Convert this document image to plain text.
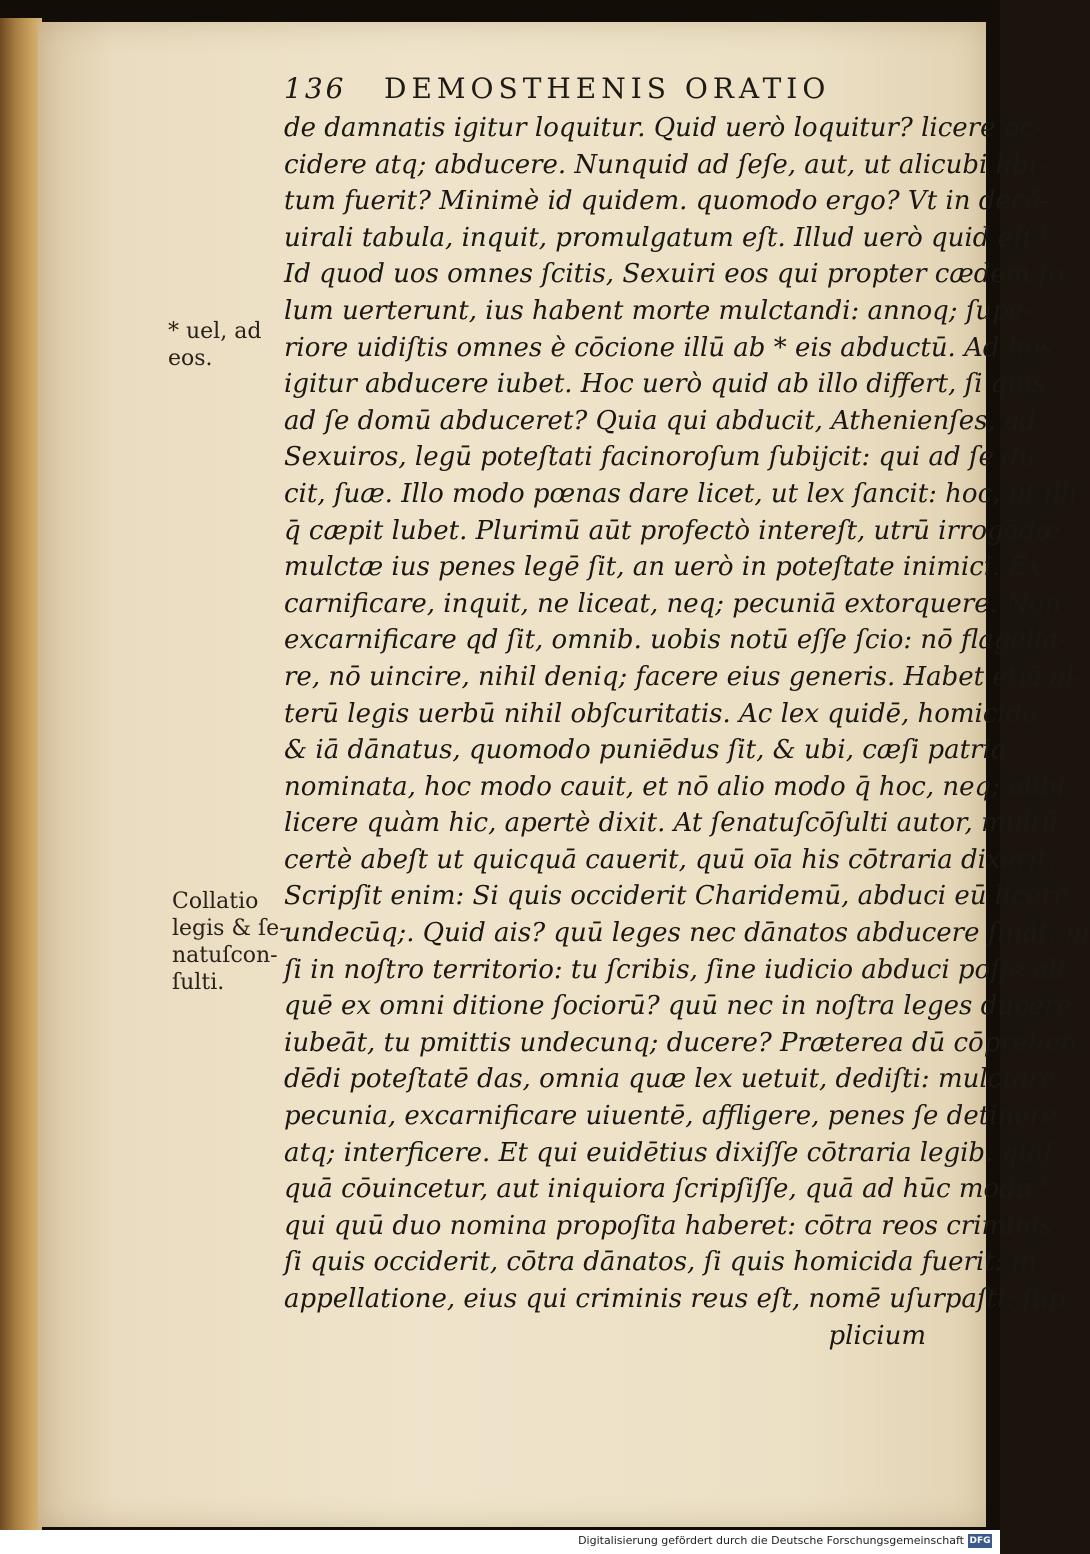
136 DEMOSTHENIS ORATIO
* uel, ad
eos.
Collatio
legis & ſe-
natuſcon-
ſulti.
de damnatis igitur loquitur. Quid uerò loquitur? licere oc-
cidere atq; abducere. Nunquid ad ſeſe, aut, ut alicubi libi-
tum fuerit? Minimè id quidem. quomodo ergo? Vt in decē-
uirali tabula, inquit, promulgatum eſt. Illud uerò quid eſt?
Id quod uos omnes ſcitis, Sexuiri eos qui propter cædem ſo
lum uerterunt, ius habent morte mulctandi: annoq; ſupe-
riore uidiſtis omnes è cōcione illū ab * eis abductū. Ad hos
igitur abducere iubet. Hoc uerò quid ab illo differt, ſi quis
ad ſe domū abduceret? Quia qui abducit, Athenienſes, ad
Sexuiros, legū poteſtati facinoroſum ſubijcit: qui ad ſe du-
cit, ſuæ. Illo modo pœnas dare licet, ut lex ſancit: hoc, ut illi
q̄ cæpit lubet. Plurimū aūt profectò intereſt, utrū irrogādæ
mulctæ ius penes legē ſit, an uerò in poteſtate inimici. Ex-
carnificare, inquit, ne liceat, neq; pecuniā extorquere. Non
excarnificare qd ſit, omnib. uobis notū eſſe ſcio: nō flagella-
re, nō uincire, nihil deniq; facere eius generis. Habet etiā al-
terū legis uerbū nihil obſcuritatis. Ac lex quidē, homicida
& iā dānatus, quomodo puniēdus ſit, & ubi, cæſi patria
nominata, hoc modo cauit, et nō alio modo q̄ hoc, neq; alibi
licere quàm hic, apertè dixit. At ſenatuſcōſulti autor, multū
certè abeſt ut quicquā cauerit, quū oīa his cōtraria dixerit.
Scripſit enim: Si quis occiderit Charidemū, abduci eū licere
undecūq;. Quid ais? quū leges nec dānatos abducere ſināt, ni
ſi in noſtro territorio: tu ſcribis, ſine iudicio abduci poſſe ali
quē ex omni ditione ſociorū? quū nec in noſtra leges ducere
iubeāt, tu pmittis undecunq; ducere? Præterea dū cōprehen
dēdi poteſtatē das, omnia quæ lex uetuit, dediſti: mulctare
pecunia, excarnificare uiuentē, affligere, penes ſe detinere,
atq; interficere. Et qui euidētius dixiſſe cōtraria legib. quiſ
quā cōuincetur, aut iniquiora ſcripſiſſe, quā ad hūc modū?
qui quū duo nomina propoſita haberet: cōtra reos criminis,
ſi quis occiderit, cōtra dānatos, ſi quis homicida fuerit: in
appellatione, eius qui criminis reus eſt, nomē uſurpaſti: ſup
plicium
Digitalisierung gefördert durch die Deutsche Forschungsgemeinschaft DFG
